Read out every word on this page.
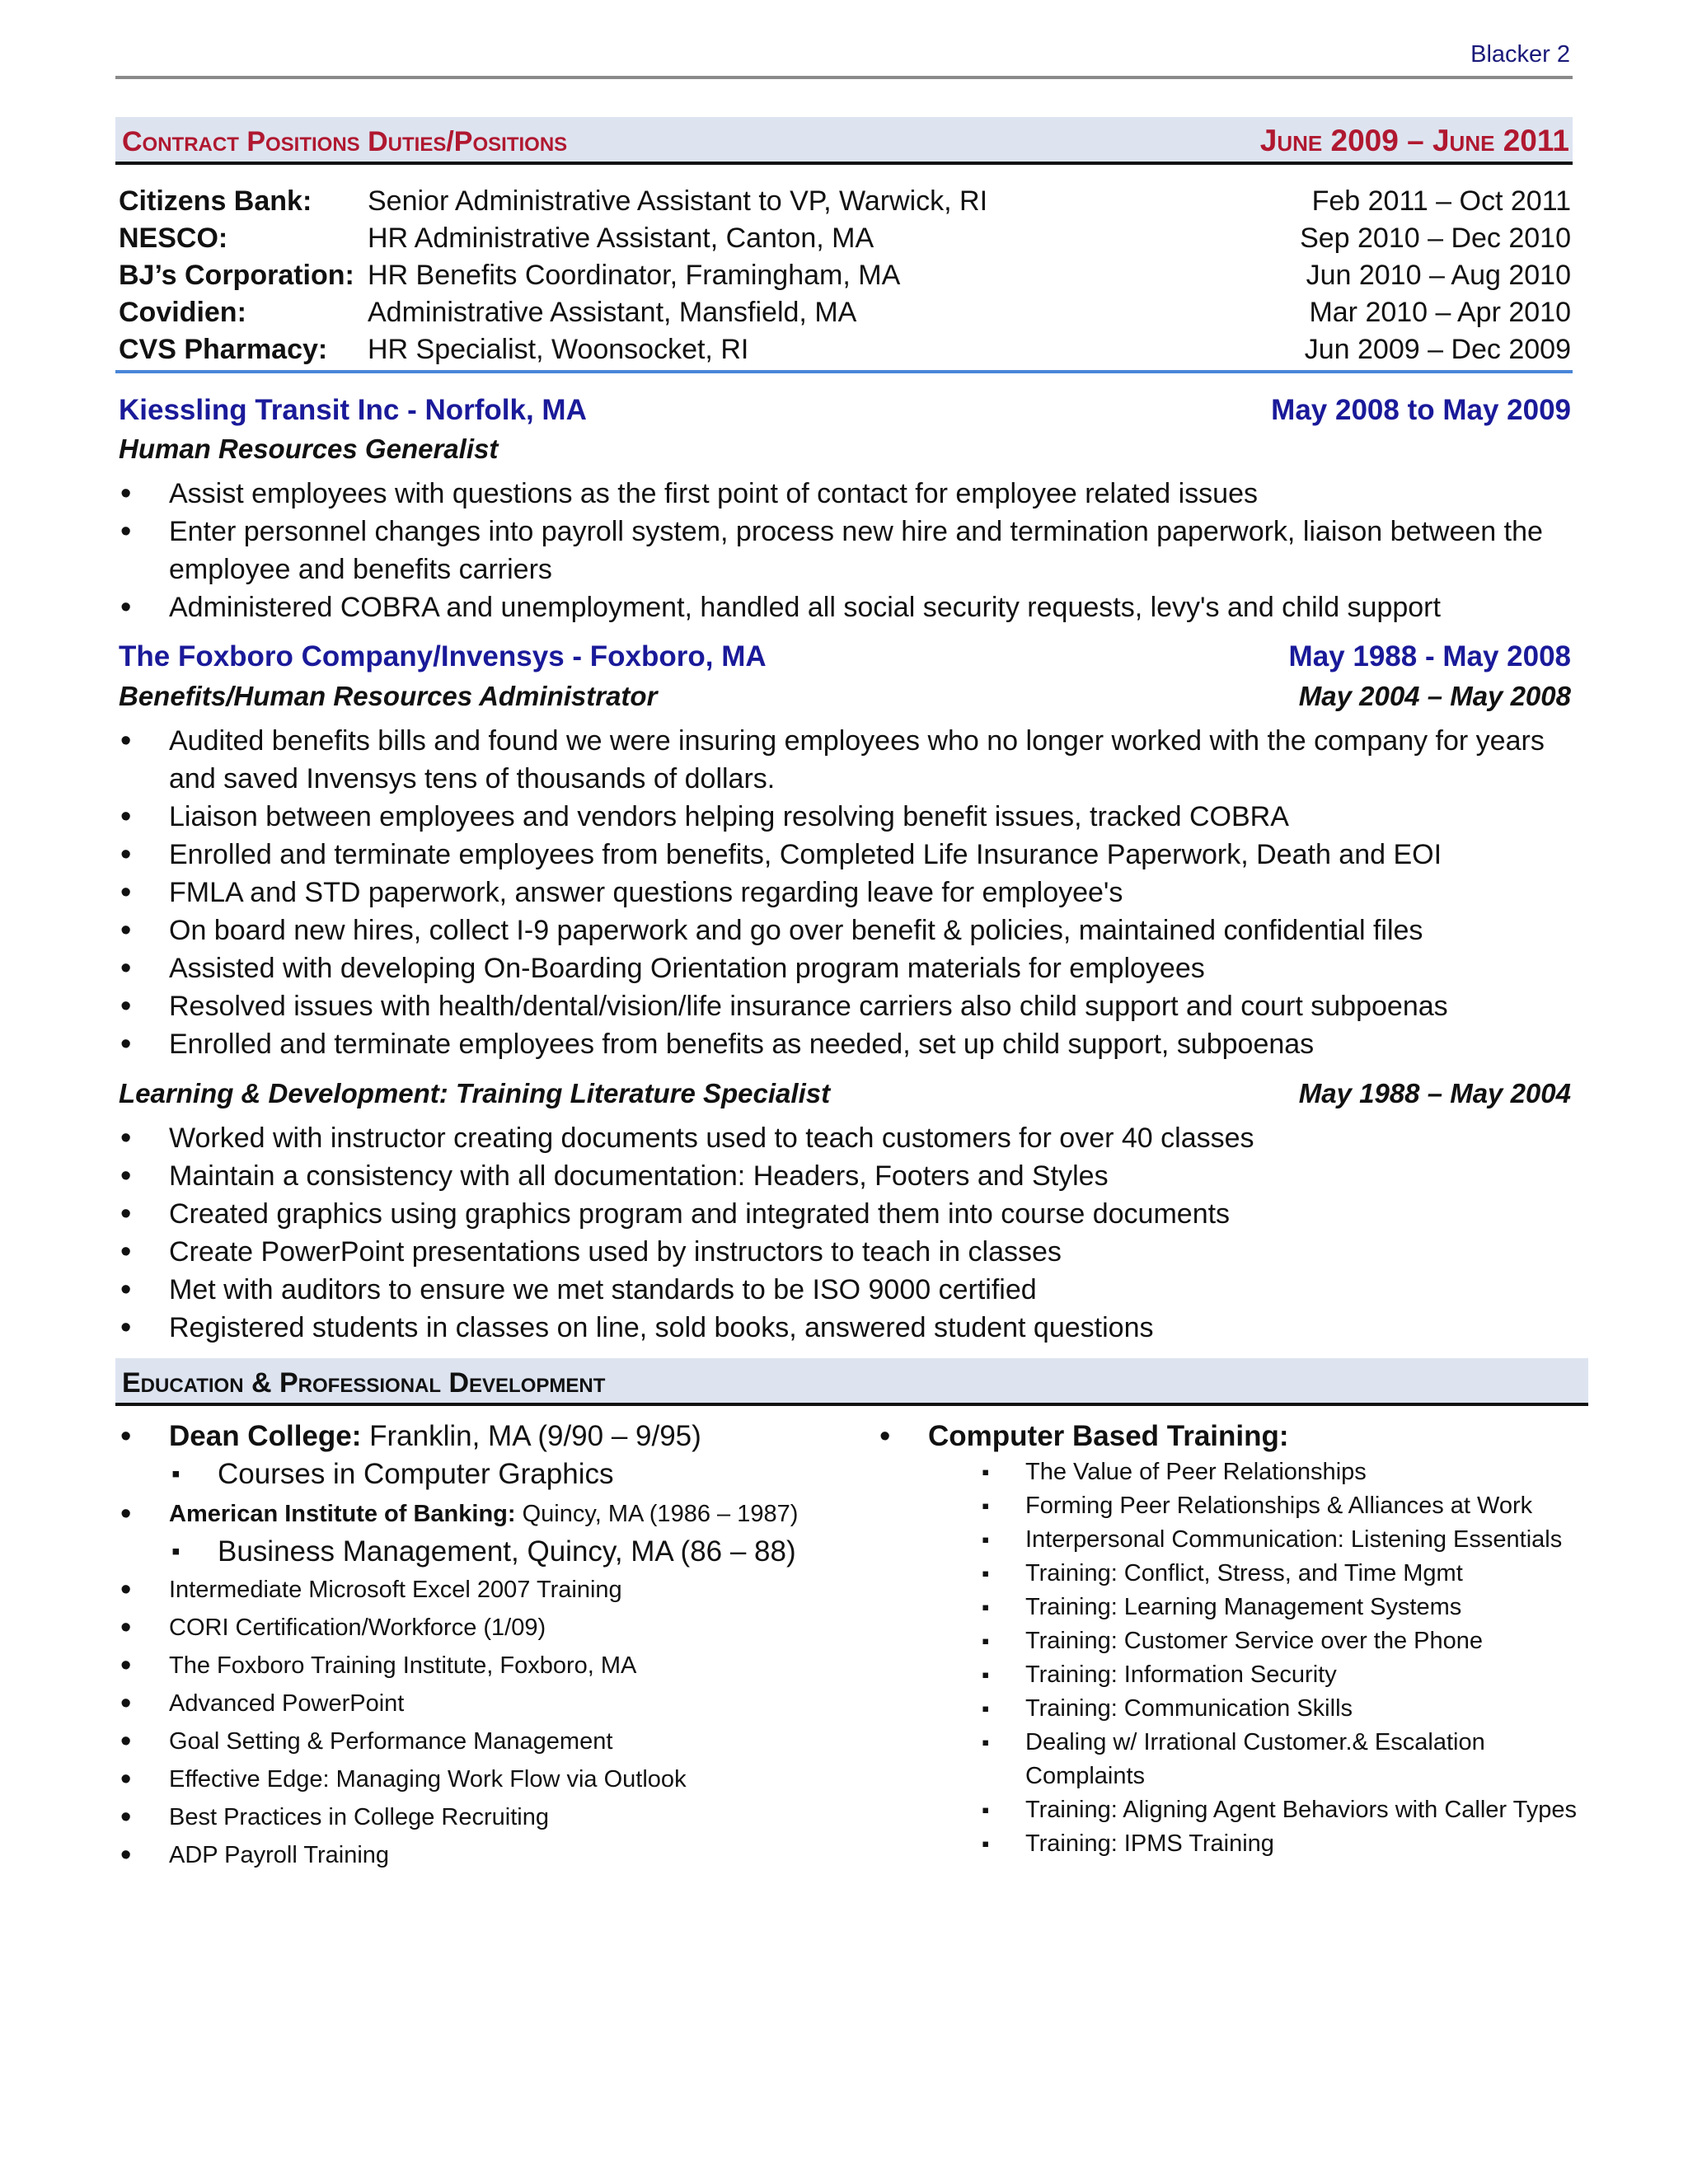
Blacker 2
Contract Positions Duties/Positions	June 2009 – June 2011
Citizens Bank: Senior Administrative Assistant to VP, Warwick, RI	Feb 2011 – Oct 2011
NESCO:	HR Administrative Assistant, Canton, MA	Sep 2010 – Dec 2010
BJ’s Corporation: HR Benefits Coordinator, Framingham, MA	Jun 2010 – Aug 2010
Covidien:	Administrative Assistant, Mansfield, MA	Mar 2010 – Apr 2010
CVS Pharmacy: HR Specialist, Woonsocket, RI	Jun 2009 – Dec 2009
Kiessling Transit Inc - Norfolk, MA	May 2008 to May 2009
Human Resources Generalist
• Assist employees with questions as the first point of contact for employee related issues
• Enter personnel changes into payroll system, process new hire and termination paperwork, liaison between the employee and benefits carriers
• Administered COBRA and unemployment, handled all social security requests, levy's and child support
The Foxboro Company/Invensys - Foxboro, MA	May 1988 - May 2008
Benefits/Human Resources Administrator	May 2004 – May 2008
• Audited benefits bills and found we were insuring employees who no longer worked with the company for years and saved Invensys tens of thousands of dollars.
• Liaison between employees and vendors helping resolving benefit issues, tracked COBRA
• Enrolled and terminate employees from benefits, Completed Life Insurance Paperwork, Death and EOI
• FMLA and STD paperwork, answer questions regarding leave for employee's
• On board new hires, collect I-9 paperwork and go over benefit & policies, maintained confidential files
• Assisted with developing On-Boarding Orientation program materials for employees
• Resolved issues with health/dental/vision/life insurance carriers also child support and court subpoenas
• Enrolled and terminate employees from benefits as needed, set up child support, subpoenas
Learning & Development: Training Literature Specialist	May 1988 – May 2004
• Worked with instructor creating documents used to teach customers for over 40 classes
• Maintain a consistency with all documentation: Headers, Footers and Styles
• Created graphics using graphics program and integrated them into course documents
• Create PowerPoint presentations used by instructors to teach in classes
• Met with auditors to ensure we met standards to be ISO 9000 certified
• Registered students in classes on line, sold books, answered student questions
Education & Professional Development
• Dean College: Franklin, MA (9/90 – 9/95)
▪ Courses in Computer Graphics
• American Institute of Banking: Quincy, MA (1986 – 1987)
▪ Business Management, Quincy, MA (86 – 88)
• Intermediate Microsoft Excel 2007 Training
• CORI Certification/Workforce (1/09)
• The Foxboro Training Institute, Foxboro, MA
• Advanced PowerPoint
• Goal Setting & Performance Management
• Effective Edge: Managing Work Flow via Outlook
• Best Practices in College Recruiting
• ADP Payroll Training
• Computer Based Training:
▪ The Value of Peer Relationships
▪ Forming Peer Relationships & Alliances at Work
▪ Interpersonal Communication: Listening Essentials
▪ Training: Conflict, Stress, and Time Mgmt
▪ Training: Learning Management Systems
▪ Training: Customer Service over the Phone
▪ Training: Information Security
▪ Training: Communication Skills
▪ Dealing w/ Irrational Customer.& Escalation Complaints
▪ Training: Aligning Agent Behaviors with Caller Types
▪ Training: IPMS Training
